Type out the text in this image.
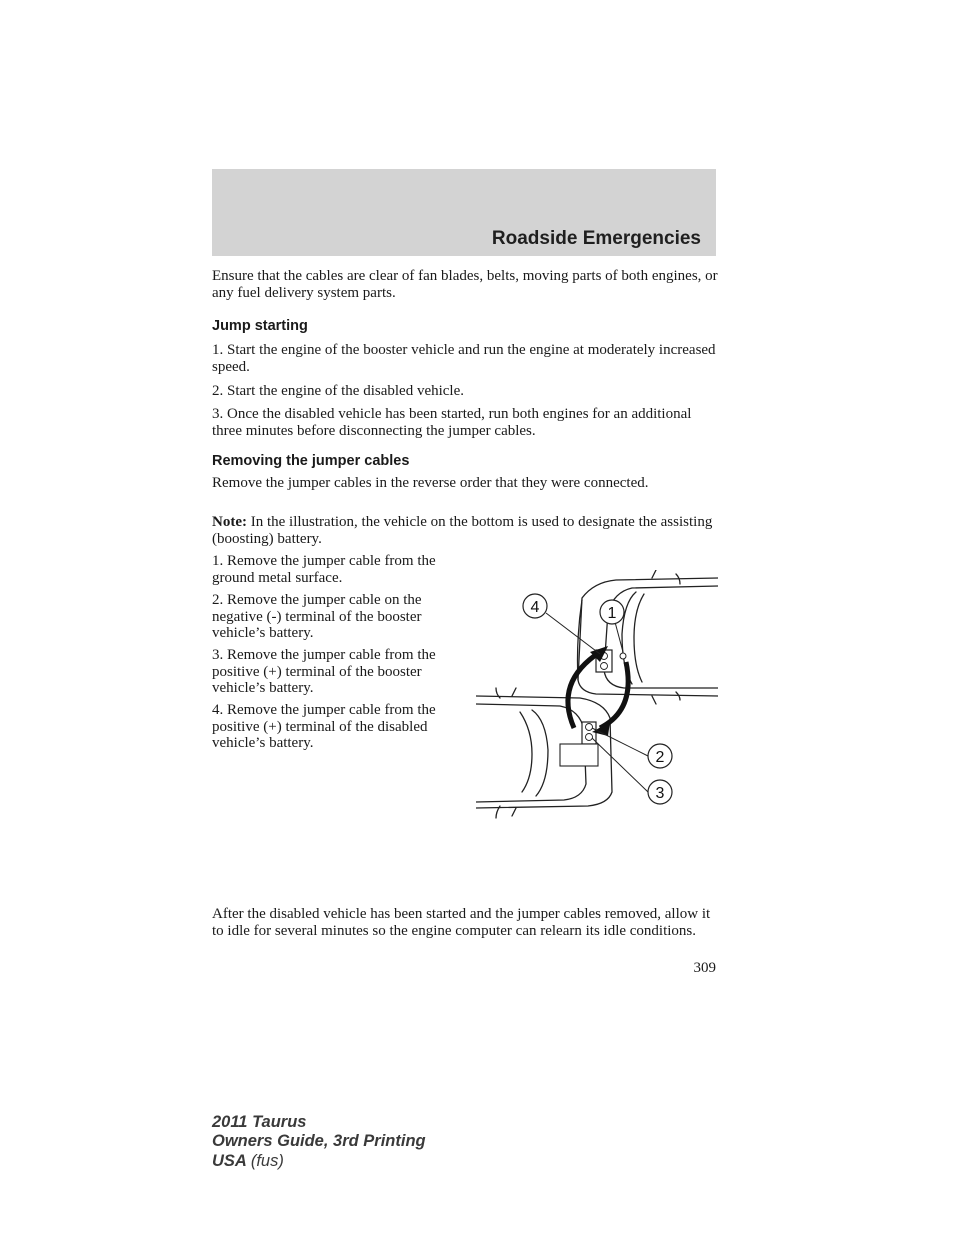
Roadside Emergencies

Ensure that the cables are clear of fan blades, belts, moving parts of both engines, or any fuel delivery system parts.

Jump starting

1. Start the engine of the booster vehicle and run the engine at moderately increased speed.

2. Start the engine of the disabled vehicle.

3. Once the disabled vehicle has been started, run both engines for an additional three minutes before disconnecting the jumper cables.

Removing the jumper cables

Remove the jumper cables in the reverse order that they were connected.

Note: In the illustration, the vehicle on the bottom is used to designate the assisting (boosting) battery.

1. Remove the jumper cable from the ground metal surface.

2. Remove the jumper cable on the negative (-) terminal of the booster vehicle’s battery.

3. Remove the jumper cable from the positive (+) terminal of the booster vehicle’s battery.

4. Remove the jumper cable from the positive (+) terminal of the disabled vehicle’s battery.

4	1
2
3

After the disabled vehicle has been started and the jumper cables removed, allow it to idle for several minutes so the engine computer can relearn its idle conditions.

309
2011 Taurus
Owners Guide, 3rd Printing
USA (fus)
